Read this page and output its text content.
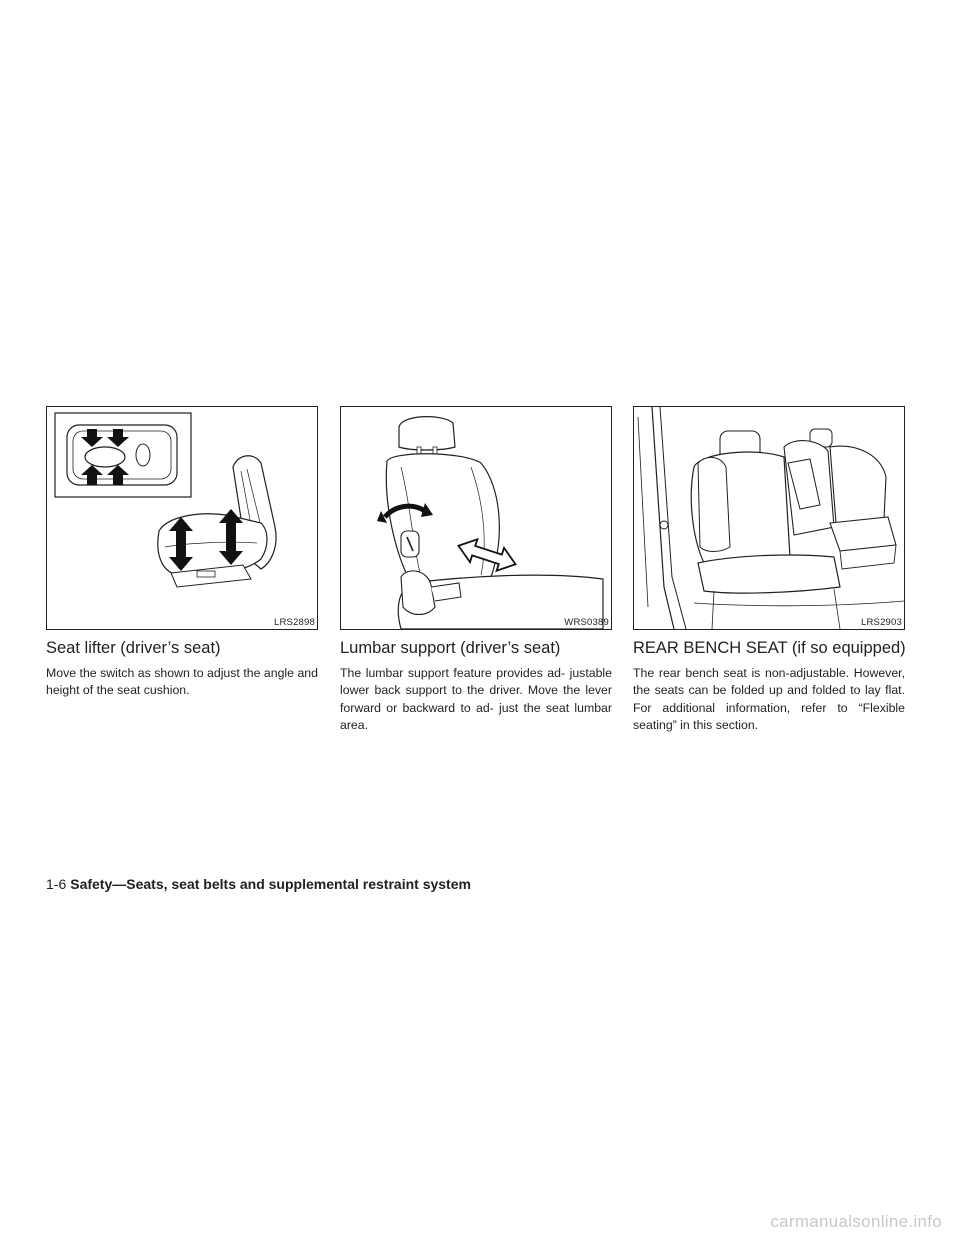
LRS2898
Seat lifter (driver’s seat)

Move the switch as shown to adjust the angle and height of the seat cushion.

WRS0389
Lumbar support (driver’s seat)

The lumbar support feature provides ad- justable lower back support to the driver. Move the lever forward or backward to ad- just the seat lumbar area.

LRS2903
REAR BENCH SEAT (if so equipped)

The rear bench seat is non-adjustable. However, the seats can be folded up and folded to lay flat. For additional information, refer to “Flexible seating” in this section.

1-6 Safety—Seats, seat belts and supplemental restraint system
carmanualsonline.info
